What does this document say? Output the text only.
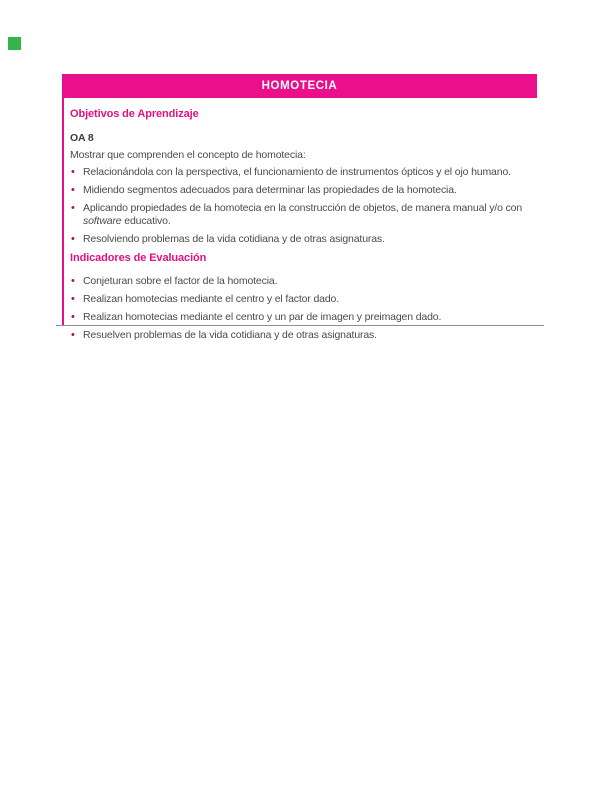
HOMOTECIA
Objetivos de Aprendizaje
OA 8
Mostrar que comprenden el concepto de homotecia:
• Relacionándola con la perspectiva, el funcionamiento de instrumentos ópticos y el ojo humano.
• Midiendo segmentos adecuados para determinar las propiedades de la homotecia.
• Aplicando propiedades de la homotecia en la construcción de objetos, de manera manual y/o con software educativo.
• Resolviendo problemas de la vida cotidiana y de otras asignaturas.
Indicadores de Evaluación
• Conjeturan sobre el factor de la homotecia.
• Realizan homotecias mediante el centro y el factor dado.
• Realizan homotecias mediante el centro y un par de imagen y preimagen dado.
• Resuelven problemas de la vida cotidiana y de otras asignaturas.
